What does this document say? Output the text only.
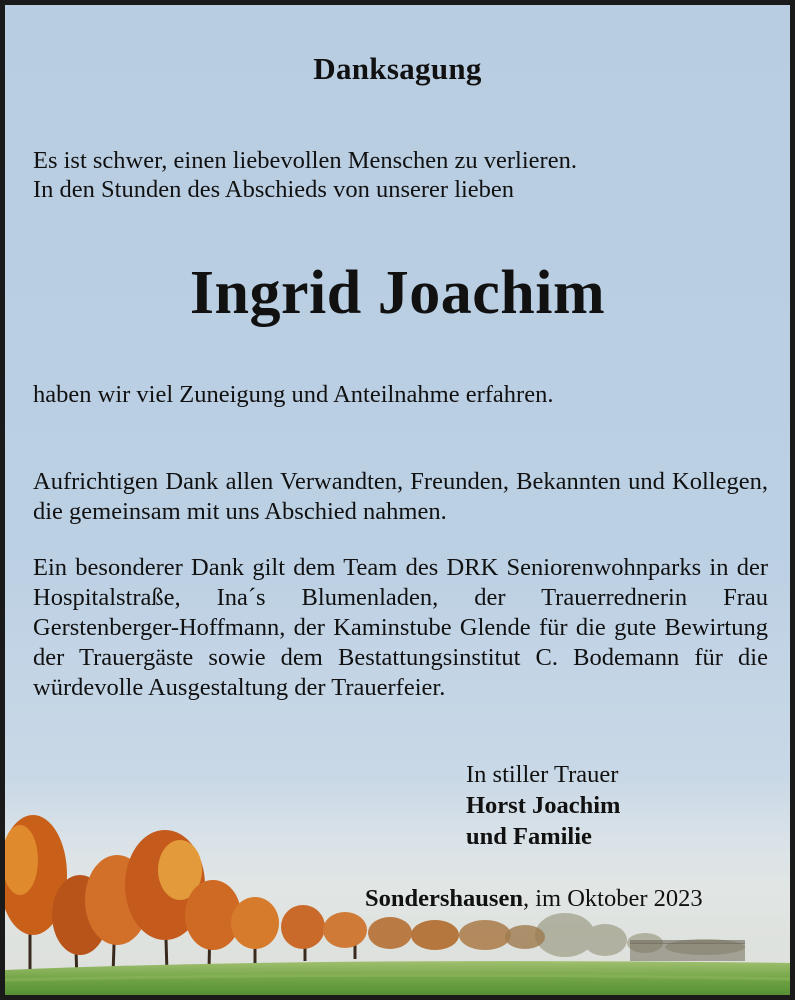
Danksagung
Es ist schwer, einen liebevollen Menschen zu verlieren.
In den Stunden des Abschieds von unserer lieben
Ingrid Joachim
haben wir viel Zuneigung und Anteilnahme erfahren.
Aufrichtigen Dank allen Verwandten, Freunden, Bekannten und Kollegen, die gemeinsam mit uns Abschied nahmen.
Ein besonderer Dank gilt dem Team des DRK Seniorenwohnparks in der Hospitalstraße, Ina´s Blumenladen, der Trauerrednerin Frau Gerstenberger-Hoffmann, der Kaminstube Glende für die gute Bewirtung der Trauergäste sowie dem Bestattungsinstitut C. Bodemann für die würdevolle Ausgestaltung der Trauerfeier.
In stiller Trauer
Horst Joachim
und Familie
Sondershausen, im Oktober 2023
